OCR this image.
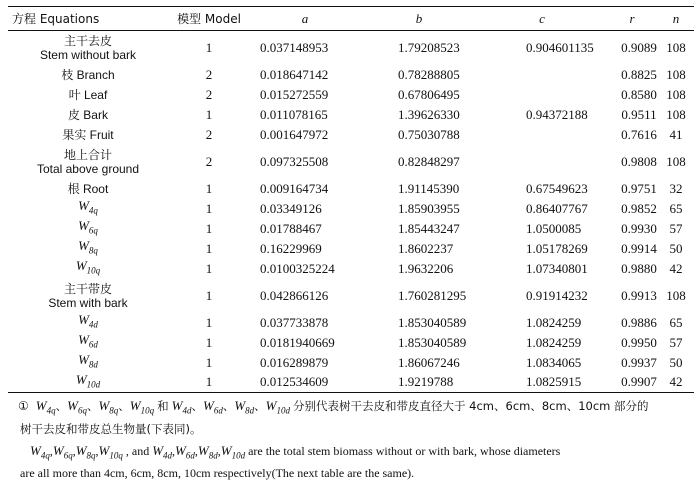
方程 Equations	模型 Model	a	b	c	r	n

主干去皮
Stem without bark	1	0.037148953	1.79208523	0.904601135	0.9089	108
枝 Branch	2	0.018647142	0.78288805		0.8825	108
叶 Leaf	2	0.015272559	0.67806495		0.8580	108
皮 Bark	1	0.011078165	1.39626330	0.94372188	0.9511	108
果实 Fruit	2	0.001647972	0.75030788		0.7616	41

地上合计
Total above ground	2	0.097325508	0.82848297		0.9808	108
根 Root	1	0.009164734	1.91145390	0.67549623	0.9751	32
$W_{4q}$	1	0.03349126	1.85903955	0.86407767	0.9852	65
$W_{6q}$	1	0.01788467	1.85443247	1.0500085	0.9930	57
$W_{8q}$	1	0.16229969	1.8602237	1.05178269	0.9914	50
$W_{10q}$	1	0.0100325224	1.9632206	1.07340801	0.9880	42

主干带皮
Stem with bark	1	0.042866126	1.760281295	0.91914232	0.9913	108
$W_{4d}$	1	0.037733878	1.853040589	1.0824259	0.9886	65
$W_{6d}$	1	0.0181940669	1.853040589	1.0824259	0.9950	57
$W_{8d}$	1	0.016289879	1.86067246	1.0834065	0.9937	50
$W_{10d}$	1	0.012534609	1.9219788	1.0825915	0.9907	42
① $W_{4q}$、$W_{6q}$、$W_{8q}$、$W_{10q}$ 和 $W_{4d}$、$W_{6d}$、$W_{8d}$、$W_{10d}$ 分别代表树干去皮和带皮直径大于 4cm、6cm、8cm、10cm 部分的
树干去皮和带皮总生物量(下表同)。
$W_{4q},W_{6q},W_{8q},W_{10q}$ , and $W_{4d},W_{6d},W_{8d},W_{10d}$ are the total stem biomass without or with bark, whose diameters
are all more than 4cm, 6cm, 8cm, 10cm respectively(The next table are the same).
